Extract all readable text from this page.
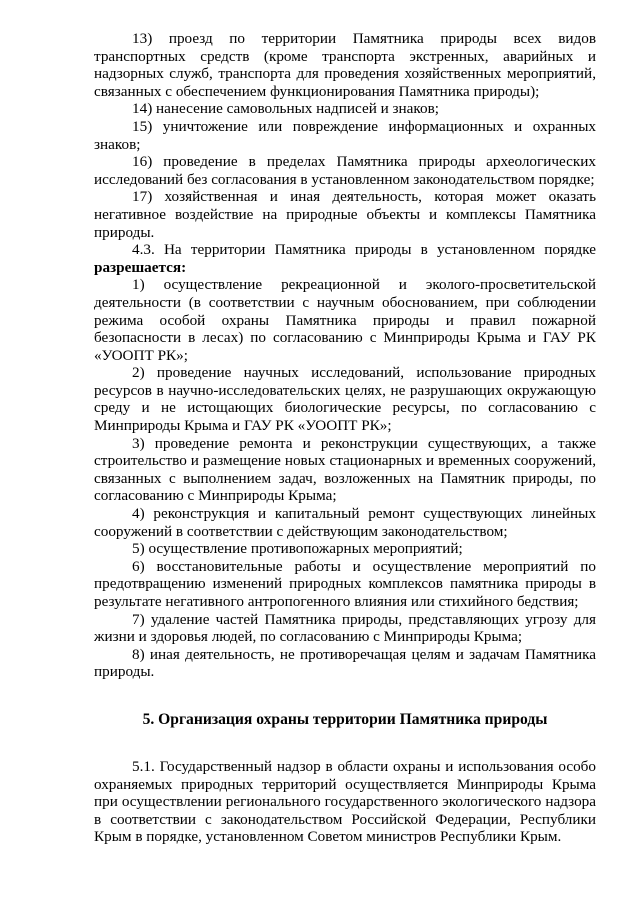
13) проезд по территории Памятника природы всех видов транспортных средств (кроме транспорта экстренных, аварийных и надзорных служб, транспорта для проведения хозяйственных мероприятий, связанных с обеспечением функционирования Памятника природы);

14) нанесение самовольных надписей и знаков;

15) уничтожение или повреждение информационных и охранных знаков;

16) проведение в пределах Памятника природы археологических исследований без согласования в установленном законодательством порядке;

17) хозяйственная и иная деятельность, которая может оказать негативное воздействие на природные объекты и комплексы Памятника природы.

4.3. На территории Памятника природы в установленном порядке разрешается:

1) осуществление рекреационной и эколого-просветительской деятельности (в соответствии с научным обоснованием, при соблюдении режима особой охраны Памятника природы и правил пожарной безопасности в лесах) по согласованию с Минприроды Крыма и ГАУ РК «УООПТ РК»;

2) проведение научных исследований, использование природных ресурсов в научно-исследовательских целях, не разрушающих окружающую среду и не истощающих биологические ресурсы, по согласованию с Минприроды Крыма и ГАУ РК «УООПТ РК»;

3) проведение ремонта и реконструкции существующих, а также строительство и размещение новых стационарных и временных сооружений, связанных с выполнением задач, возложенных на Памятник природы, по согласованию с Минприроды Крыма;

4) реконструкция и капитальный ремонт существующих линейных сооружений в соответствии с действующим законодательством;

5) осуществление противопожарных мероприятий;

6) восстановительные работы и осуществление мероприятий по предотвращению изменений природных комплексов памятника природы в результате негативного антропогенного влияния или стихийного бедствия;

7) удаление частей Памятника природы, представляющих угрозу для жизни и здоровья людей, по согласованию с Минприроды Крыма;

8) иная деятельность, не противоречащая целям и задачам Памятника природы.

5. Организация охраны территории Памятника природы

5.1. Государственный надзор в области охраны и использования особо охраняемых природных территорий осуществляется Минприроды Крыма при осуществлении регионального государственного экологического надзора в соответствии с законодательством Российской Федерации, Республики Крым в порядке, установленном Советом министров Республики Крым.
